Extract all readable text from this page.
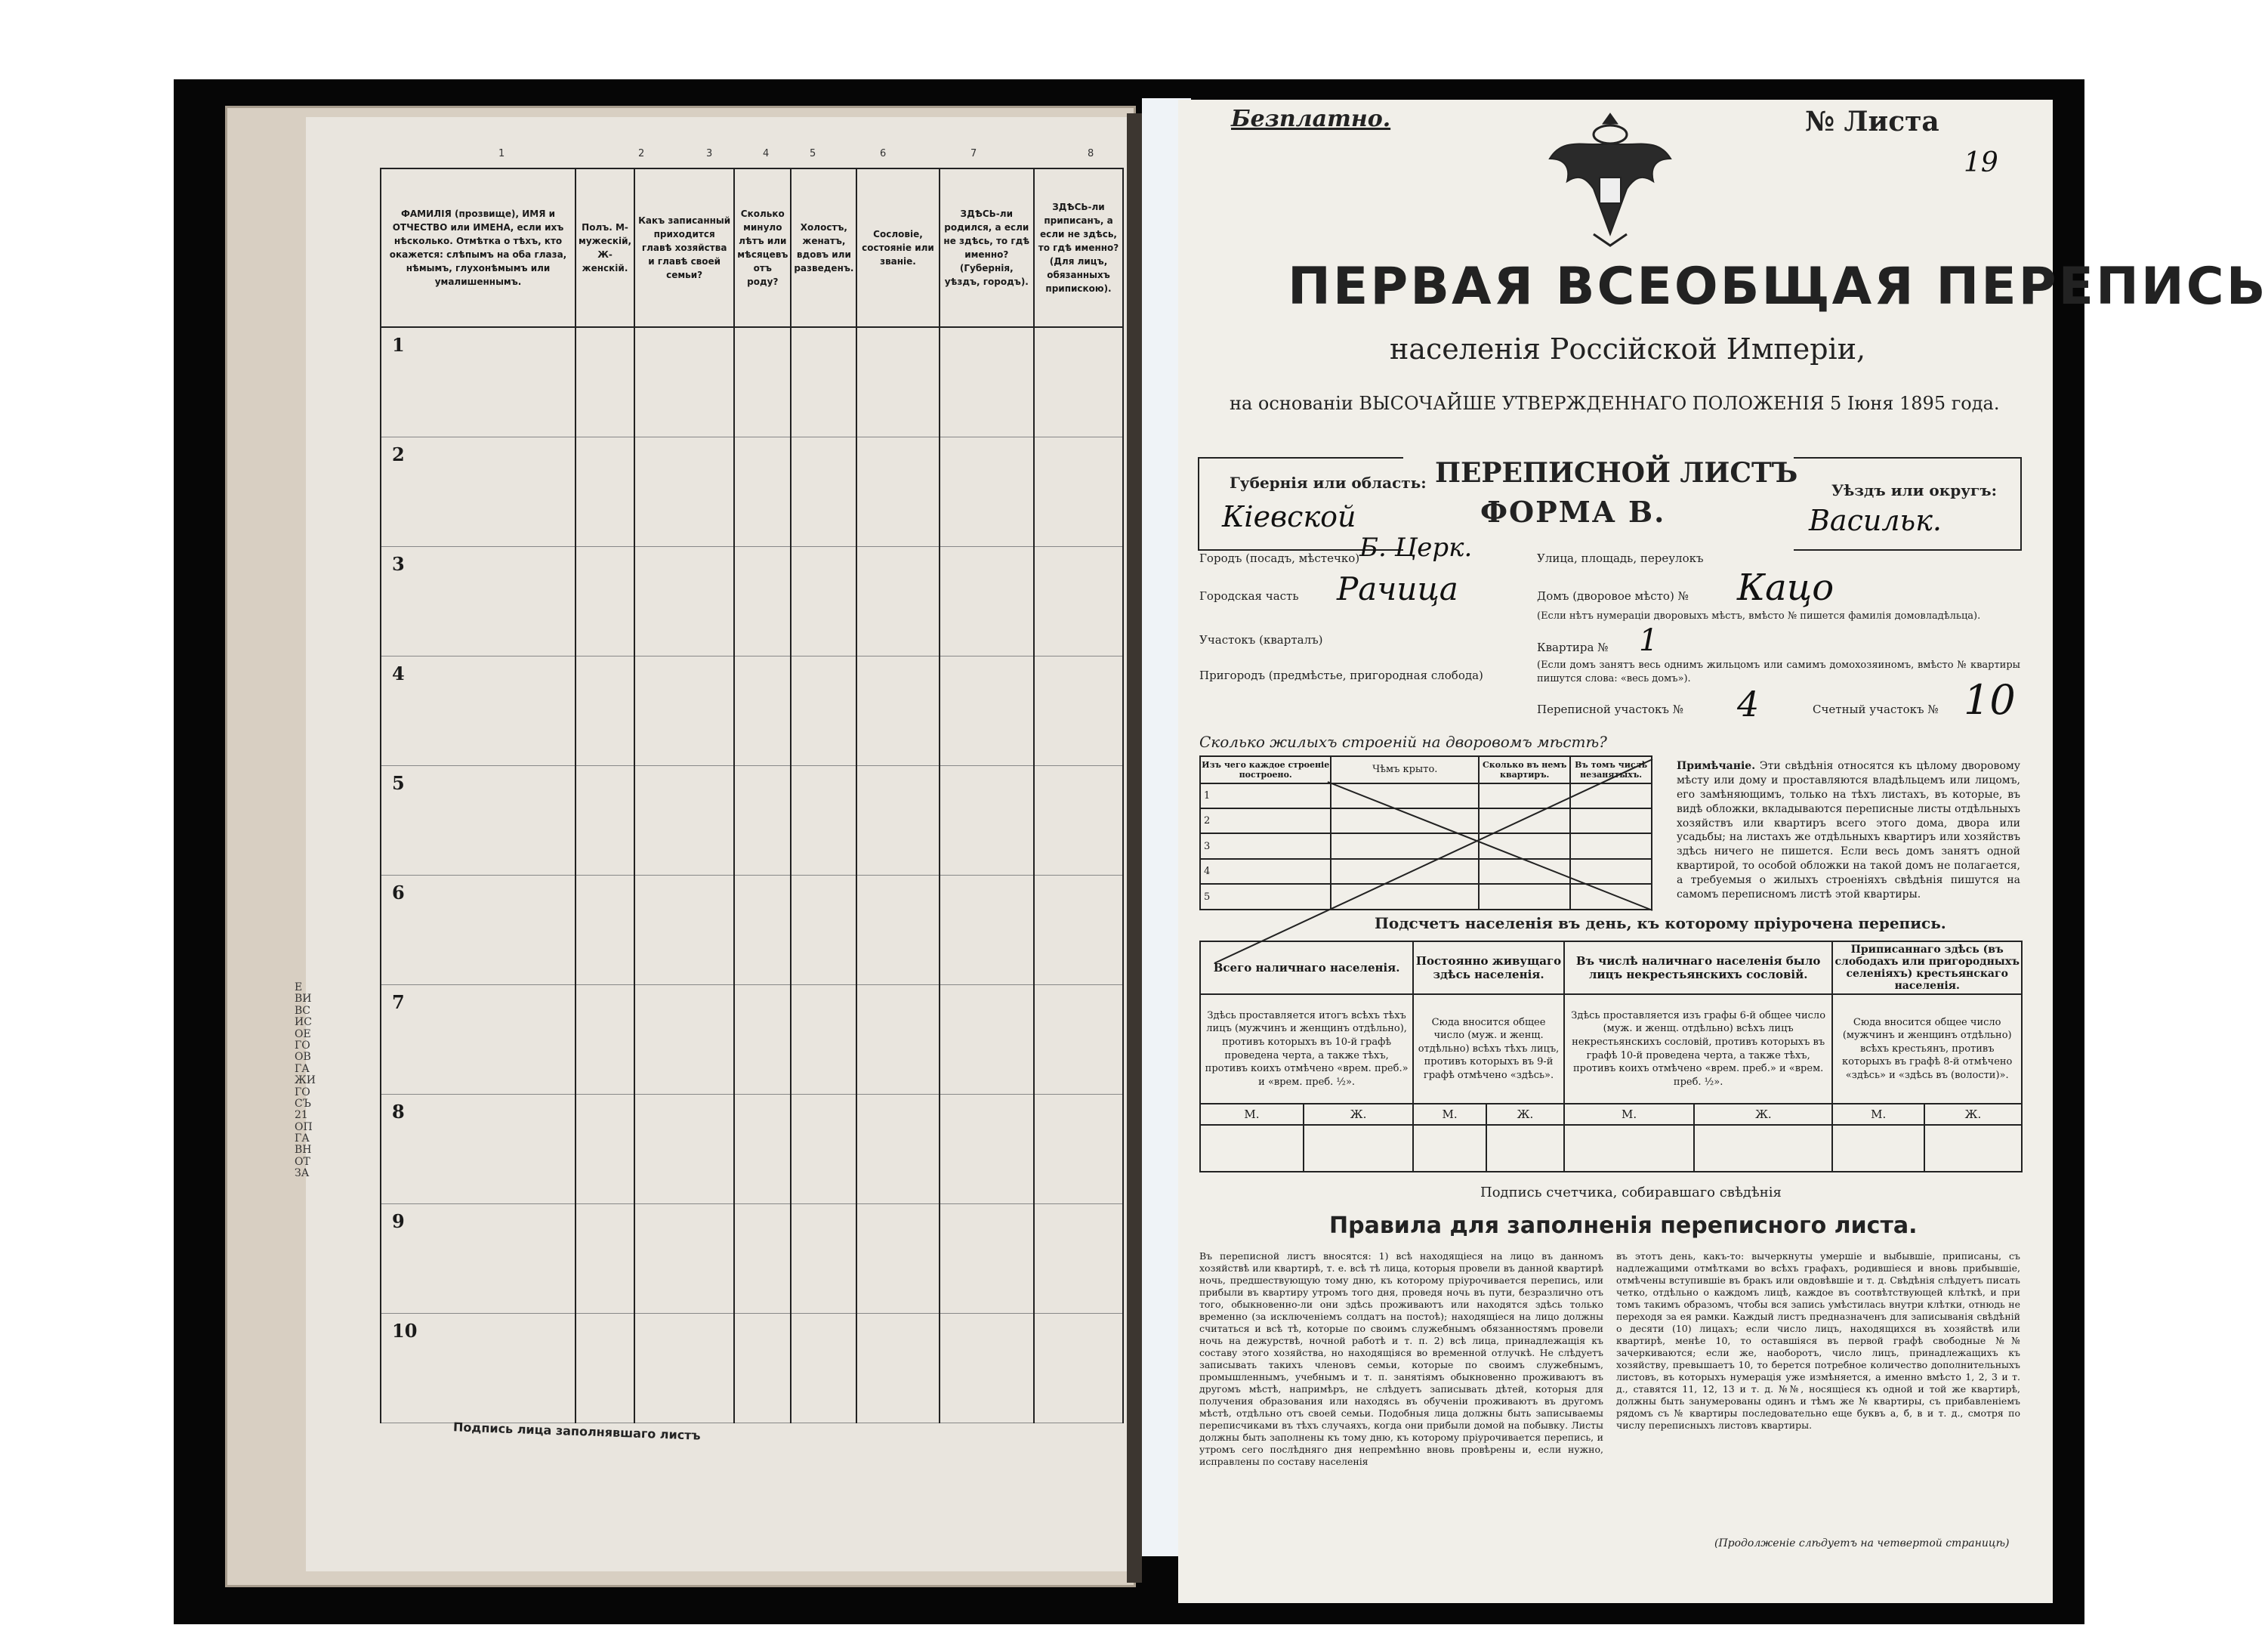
Е ВИ ВС ИС ОЕ ГО ОВ ГА ЖИ ГО СЪ 21 ОП ГА ВН ОТ ЗА
1	2	3	4	5	6	7	8
ФАМИЛІЯ (прозвище), ИМЯ и ОТЧЕСТВО или ИМЕНА, если ихъ нѣсколько. Отмѣтка о тѣхъ, кто окажется: слѣпымъ на оба глаза, нѣмымъ, глухонѣмымъ или умалишеннымъ.	Полъ. М-мужескій, Ж-женскій.	Какъ записанный приходится главѣ хозяйства и главѣ своей семьи?	Сколько минуло лѣтъ или мѣсяцевъ отъ роду?	Холостъ, женатъ, вдовъ или разведенъ.	Сословіе, состояніе или званіе.	ЗДѢСЬ-ли родился, а если не здѣсь, то гдѣ именно? (Губернія, уѣздъ, городъ).	ЗДѢСЬ-ли приписанъ, а если не здѣсь, то гдѣ именно? (Для лицъ, обязанныхъ припискою).
1							
2							
3							
4							
5							
6							
7							
8							
9							
10							
Подпись лица заполнявшаго листъ
Безплатно.	№ Листа
19
ПЕРВАЯ ВСЕОБЩАЯ ПЕРЕПИСЬ
населенія Россійской Имперіи,
на основаніи ВЫСОЧАЙШЕ УТВЕРЖДЕННАГО ПОЛОЖЕНІЯ 5 Іюня 1895 года.
Губернія или область:
Кіевской
ПЕРЕПИСНОЙ ЛИСТЪ
ФОРМА В.
Уѣздъ или округъ:
Васильк.
Городъ (посадъ, мѣстечко) Б. Церк.	Улица, площадь, переулокъ
Городская часть Рачица	Домъ (дворовое мѣсто) № Кацо
(Если нѣтъ нумераціи дворовыхъ мѣстъ, вмѣсто № пишется фамилія домовладѣльца).
Участокъ (кварталъ)
Квартира № 1
Пригородъ (предмѣстье, пригородная слобода)
(Если домъ занятъ весь однимъ жильцомъ или самимъ домохозяиномъ, вмѣсто № квартиры пишутся слова: «весь домъ»).
Переписной участокъ № 4	Счетный участокъ № 10
Сколько жилыхъ строеній на дворовомъ мѣстѣ?
Изъ чего каждое строеніе построено.	Чѣмъ крыто.	Сколько въ немъ квартиръ.	Въ томъ числѣ незанятыхъ.
1			
2			
3			
4			
5			
Примѣчаніе. Эти свѣдѣнія относятся къ цѣлому дворовому мѣсту или дому и проставляются владѣльцемъ или лицомъ, его замѣняющимъ, только на тѣхъ листахъ, въ которые, въ видѣ обложки, вкладываются переписные листы отдѣльныхъ хозяйствъ или квартиръ всего этого дома, двора или усадьбы; на листахъ же отдѣльныхъ квартиръ или хозяйствъ здѣсь ничего не пишется. Если весь домъ занятъ одной квартирой, то особой обложки на такой домъ не полагается, а требуемыя о жилыхъ строеніяхъ свѣдѣнія пишутся на самомъ переписномъ листѣ этой квартиры.
Подсчетъ населенія въ день, къ которому пріурочена перепись.
Всего наличнаго населенія.		Постоянно живущаго здѣсь населенія.		Въ числѣ наличнаго населенія было лицъ некрестьянскихъ сословій.		Приписаннаго здѣсь (въ слободахъ или пригородныхъ селеніяхъ) крестьянскаго населенія.	
Здѣсь проставляется итогъ всѣхъ тѣхъ лицъ (мужчинъ и женщинъ отдѣльно), противъ которыхъ въ 10-й графѣ проведена черта, а также тѣхъ, противъ коихъ отмѣчено «врем. преб.» и «врем. преб. ½».		Сюда вносится общее число (муж. и женщ. отдѣльно) всѣхъ тѣхъ лицъ, противъ которыхъ въ 9-й графѣ отмѣчено «здѣсь».		Здѣсь проставляется изъ графы 6-й общее число (муж. и женщ. отдѣльно) всѣхъ лицъ некрестьянскихъ сословій, противъ которыхъ въ графѣ 10-й проведена черта, а также тѣхъ, противъ коихъ отмѣчено «врем. преб.» и «врем. преб. ½».		Сюда вносится общее число (мужчинъ и женщинъ отдѣльно) всѣхъ крестьянъ, противъ которыхъ въ графѣ 8-й отмѣчено «здѣсь» и «здѣсь въ (волости)».	
М.	Ж.	М.	Ж.	М.	Ж.	М.	Ж.

Подпись счетчика, собиравшаго свѣдѣнія
Правила для заполненія переписного листа.
Въ переписной листъ вносятся: 1) всѣ находящіеся на лицо въ данномъ хозяйствѣ или квартирѣ, т. е. всѣ тѣ лица, которыя провели въ данной квартирѣ ночь, предшествующую тому дню, къ которому пріурочивается перепись, или прибыли въ квартиру утромъ того дня, проведя ночь въ пути, безразлично отъ того, обыкновенно-ли они здѣсь проживаютъ или находятся здѣсь только временно (за исключеніемъ солдатъ на постоѣ); находящіеся на лицо должны считаться и всѣ тѣ, которые по своимъ служебнымъ обязанностямъ провели ночь на дежурствѣ, ночной работѣ и т. п. 2) всѣ лица, принадлежащія къ составу этого хозяйства, но находящіяся во временной отлучкѣ. Не слѣдуетъ записывать такихъ членовъ семьи, которые по своимъ служебнымъ, промышленнымъ, учебнымъ и т. п. занятіямъ обыкновенно проживаютъ въ другомъ мѣстѣ, напримѣръ, не слѣдуетъ записывать дѣтей, которыя для получения образования или находясь въ обученіи проживаютъ въ другомъ мѣстѣ, отдѣльно отъ своей семьи. Подобныя лица должны быть записываемы переписчиками въ тѣхъ случаяхъ, когда они прибыли домой на побывку. Листы должны быть заполнены къ тому дню, къ которому пріурочивается перепись, и утромъ сего послѣдняго дня непремѣнно вновь провѣрены и, если нужно, исправлены по составу населенія
въ этотъ день, какъ-то: вычеркнуты умершіе и выбывшіе, приписаны, съ надлежащими отмѣтками во всѣхъ графахъ, родившіеся и вновь прибывшіе, отмѣчены вступившіе въ бракъ или овдовѣвшіе и т. д. Свѣдѣнія слѣдуетъ писать четко, отдѣльно о каждомъ лицѣ, каждое въ соотвѣтствующей клѣткѣ, и при томъ такимъ образомъ, чтобы вся запись умѣстилась внутри клѣтки, отнюдь не переходя за ея рамки. Каждый листъ предназначенъ для записыванія свѣдѣній о десяти (10) лицахъ; если число лицъ, находящихся въ хозяйствѣ или квартирѣ, менѣе 10, то оставшіяся въ первой графѣ свободные №№ зачеркиваются; если же, наоборотъ, число лицъ, принадлежащихъ къ хозяйству, превышаетъ 10, то берется потребное количество дополнительныхъ листовъ, въ которыхъ нумерація уже измѣняется, а именно вмѣсто 1, 2, 3 и т. д., ставятся 11, 12, 13 и т. д. №№, носящіеся къ одной и той же квартирѣ, должны быть занумерованы одинъ и тѣмъ же № квартиры, съ прибавленіемъ рядомъ съ № квартиры последовательно еще буквъ а, б, в и т. д., смотря по числу переписныхъ листовъ квартиры.
(Продолженіе слѣдуетъ на четвертой страницѣ)
